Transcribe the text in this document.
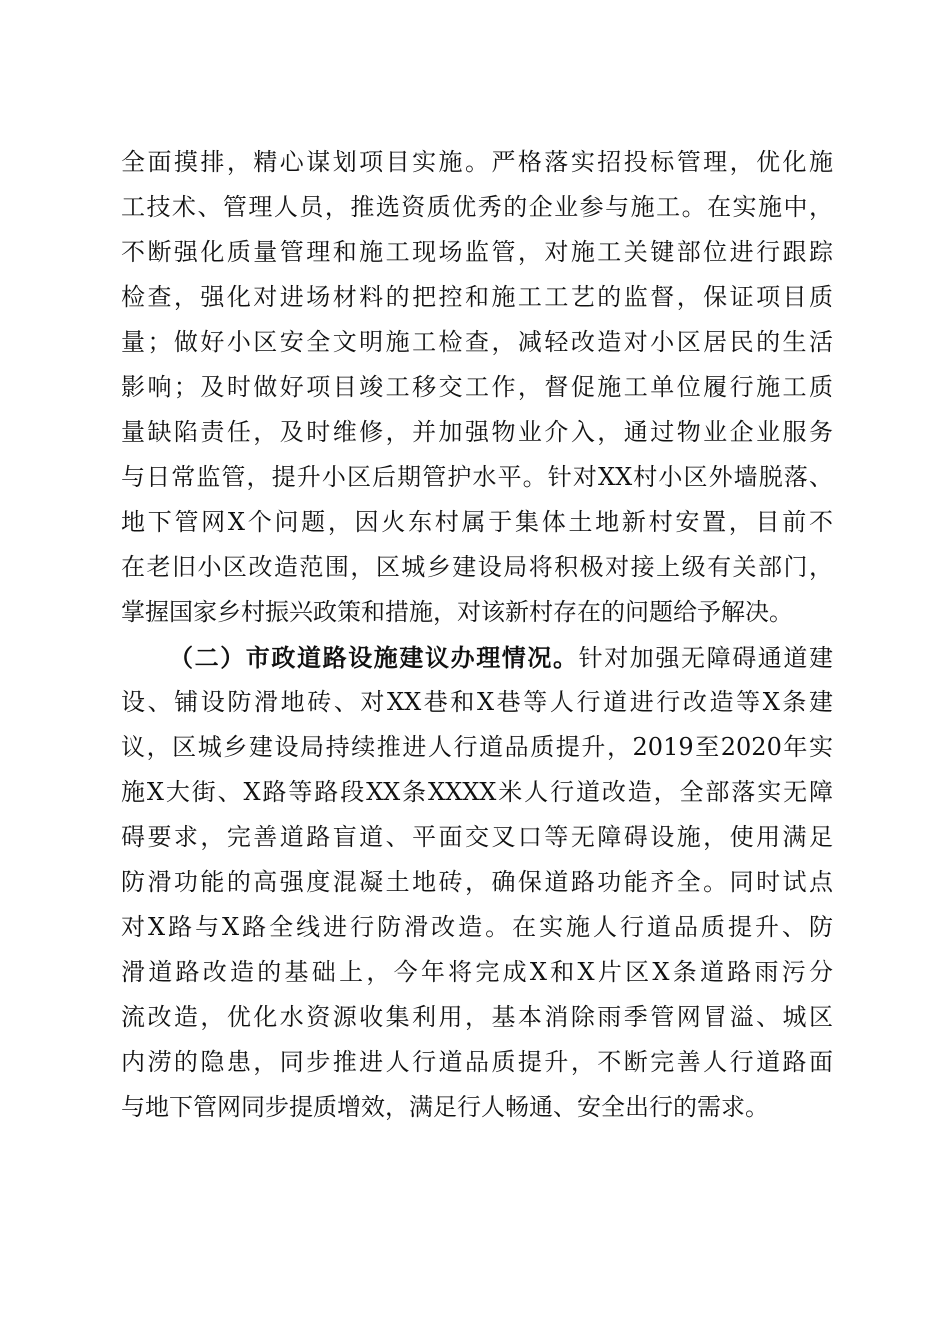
全面摸排，精心谋划项目实施。严格落实招投标管理，优化施
工技术、管理人员，推选资质优秀的企业参与施工。在实施中，
不断强化质量管理和施工现场监管，对施工关键部位进行跟踪
检查，强化对进场材料的把控和施工工艺的监督，保证项目质
量；做好小区安全文明施工检查，减轻改造对小区居民的生活
影响；及时做好项目竣工移交工作，督促施工单位履行施工质
量缺陷责任，及时维修，并加强物业介入，通过物业企业服务
与日常监管，提升小区后期管护水平。针对XX村小区外墙脱落、
地下管网X个问题，因火东村属于集体土地新村安置，目前不
在老旧小区改造范围，区城乡建设局将积极对接上级有关部门，
掌握国家乡村振兴政策和措施，对该新村存在的问题给予解决。
（二）市政道路设施建议办理情况。针对加强无障碍通道建
设、铺设防滑地砖、对XX巷和X巷等人行道进行改造等X条建
议，区城乡建设局持续推进人行道品质提升，2019至2020年实
施X大街、X路等路段XX条XXXX米人行道改造，全部落实无障
碍要求，完善道路盲道、平面交叉口等无障碍设施，使用满足
防滑功能的高强度混凝土地砖，确保道路功能齐全。同时试点
对X路与X路全线进行防滑改造。在实施人行道品质提升、防
滑道路改造的基础上，今年将完成X和X片区X条道路雨污分
流改造，优化水资源收集利用，基本消除雨季管网冒溢、城区
内涝的隐患，同步推进人行道品质提升，不断完善人行道路面
与地下管网同步提质增效，满足行人畅通、安全出行的需求。
